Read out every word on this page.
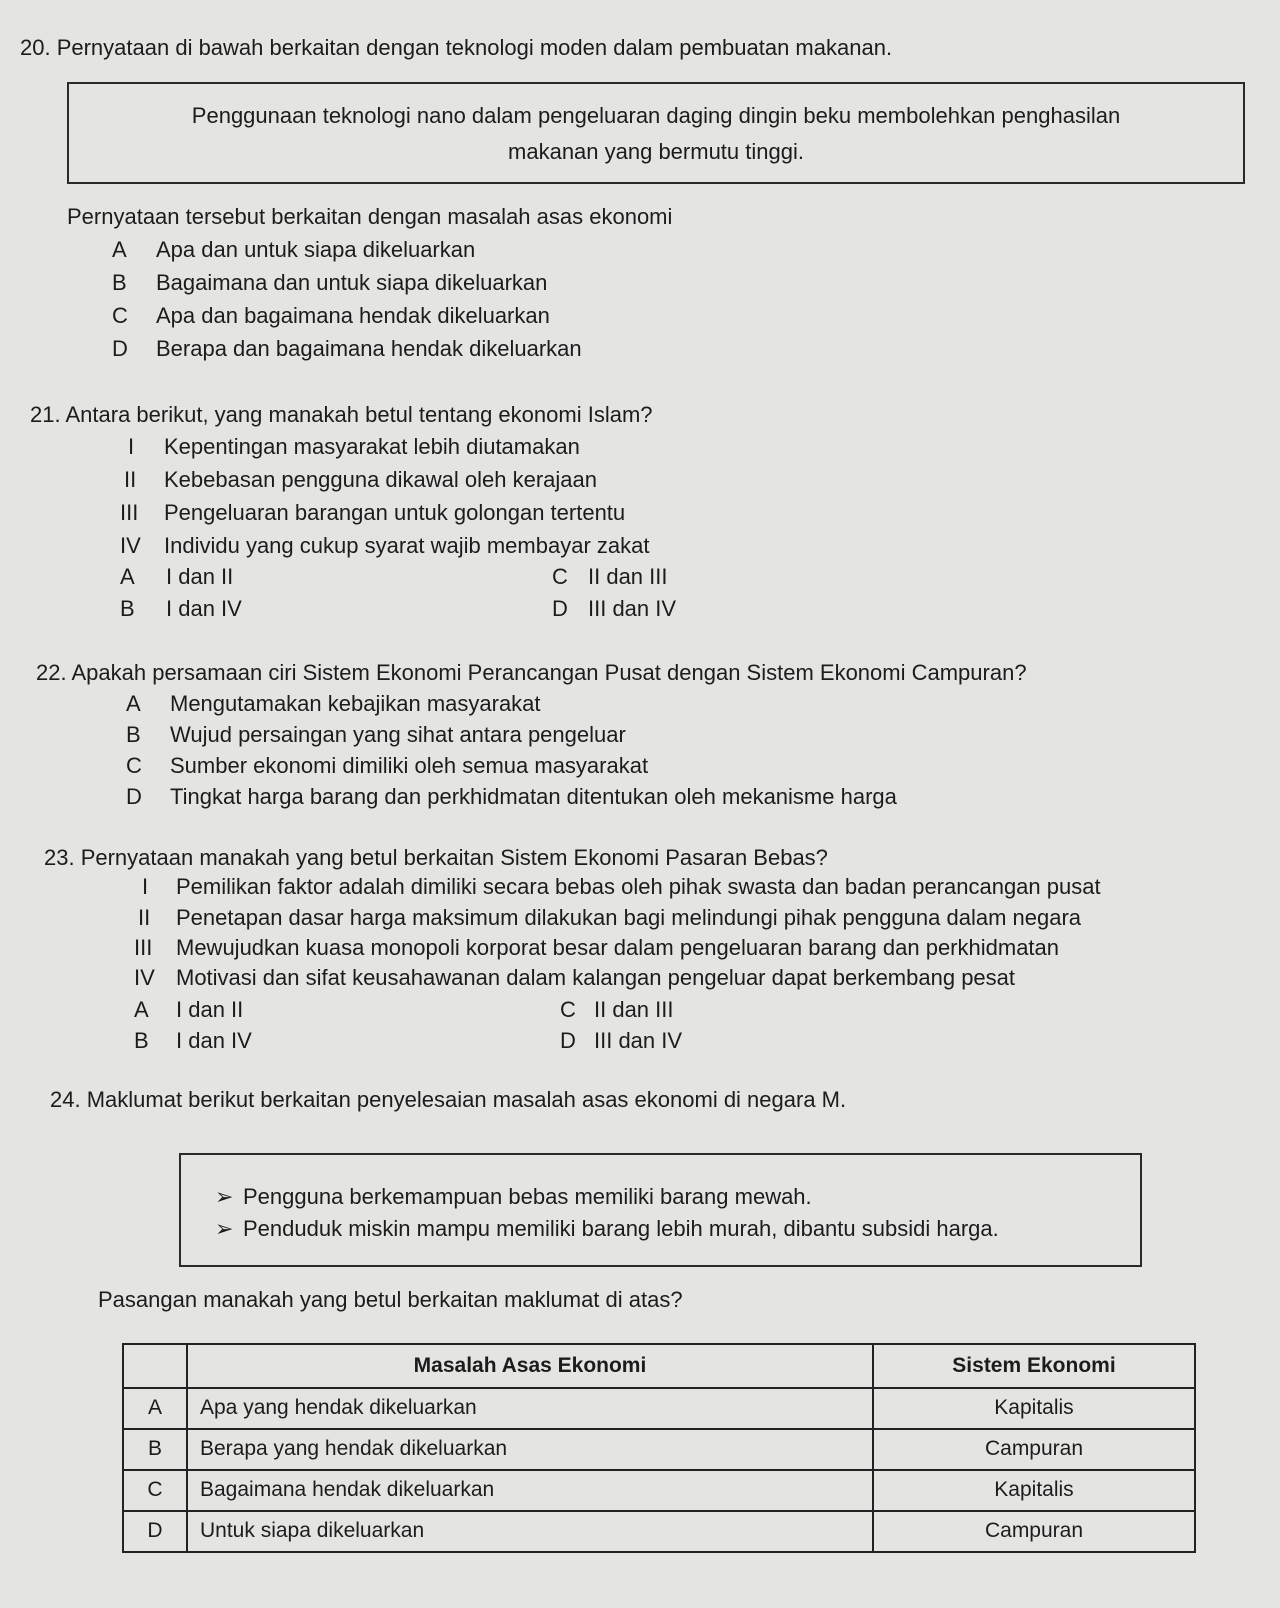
20. Pernyataan di bawah berkaitan dengan teknologi moden dalam pembuatan makanan.
Penggunaan teknologi nano dalam pengeluaran daging dingin beku membolehkan penghasilan
makanan yang bermutu tinggi.
Pernyataan tersebut berkaitan dengan masalah asas ekonomi
A Apa dan untuk siapa dikeluarkan
B Bagaimana dan untuk siapa dikeluarkan
C Apa dan bagaimana hendak dikeluarkan
D Berapa dan bagaimana hendak dikeluarkan
21. Antara berikut, yang manakah betul tentang ekonomi Islam?
I Kepentingan masyarakat lebih diutamakan
II Kebebasan pengguna dikawal oleh kerajaan
III Pengeluaran barangan untuk golongan tertentu
IV Individu yang cukup syarat wajib membayar zakat
A I dan II
B I dan IV
C II dan III
D III dan IV
22. Apakah persamaan ciri Sistem Ekonomi Perancangan Pusat dengan Sistem Ekonomi Campuran?
A Mengutamakan kebajikan masyarakat
B Wujud persaingan yang sihat antara pengeluar
C Sumber ekonomi dimiliki oleh semua masyarakat
D Tingkat harga barang dan perkhidmatan ditentukan oleh mekanisme harga
23. Pernyataan manakah yang betul berkaitan Sistem Ekonomi Pasaran Bebas?
I Pemilikan faktor adalah dimiliki secara bebas oleh pihak swasta dan badan perancangan pusat
II Penetapan dasar harga maksimum dilakukan bagi melindungi pihak pengguna dalam negara
III Mewujudkan kuasa monopoli korporat besar dalam pengeluaran barang dan perkhidmatan
IV Motivasi dan sifat keusahawanan dalam kalangan pengeluar dapat berkembang pesat
A I dan II
B I dan IV
C II dan III
D III dan IV
24. Maklumat berikut berkaitan penyelesaian masalah asas ekonomi di negara M.
➢ Pengguna berkemampuan bebas memiliki barang mewah.
➢ Penduduk miskin mampu memiliki barang lebih murah, dibantu subsidi harga.
Pasangan manakah yang betul berkaitan maklumat di atas?
	Masalah Asas Ekonomi	Sistem Ekonomi
A	Apa yang hendak dikeluarkan	Kapitalis
B	Berapa yang hendak dikeluarkan	Campuran
C	Bagaimana hendak dikeluarkan	Kapitalis
D	Untuk siapa dikeluarkan	Campuran
